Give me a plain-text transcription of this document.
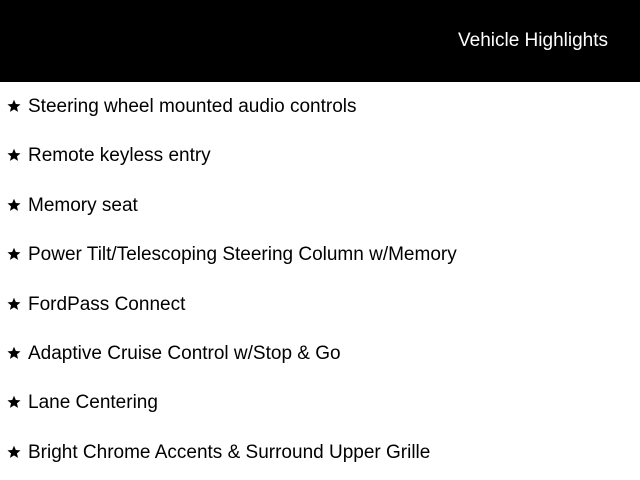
Vehicle Highlights
Steering wheel mounted audio controls
Remote keyless entry
Memory seat
Power Tilt/Telescoping Steering Column w/Memory
FordPass Connect
Adaptive Cruise Control w/Stop & Go
Lane Centering
Bright Chrome Accents & Surround Upper Grille
